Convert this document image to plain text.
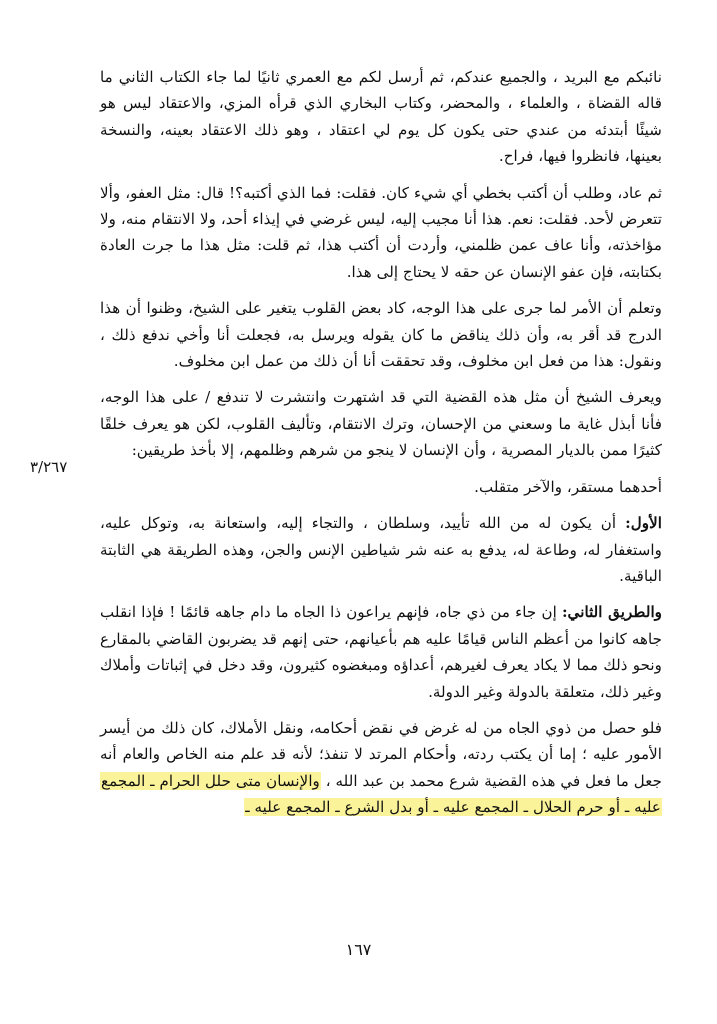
نائبكم مع البريد ، والجميع عندكم، ثم أرسل لكم مع العمري ثانيًا لما جاء الكتاب الثاني ما قاله القضاة ، والعلماء ، والمحضر، وكتاب البخاري الذي قرأه المزي، والاعتقاد ليس هو شيئًا أبتدئه من عندي حتى يكون كل يوم لي اعتقاد ، وهو ذلك الاعتقاد بعينه، والنسخة بعينها، فانظروا فيها، فراح.

ثم عاد، وطلب أن أكتب بخطي أي شيء كان. فقلت: فما الذي أكتبه؟! قال: مثل العفو، وألا تتعرض لأحد. فقلت: نعم. هذا أنا مجيب إليه، ليس غرضي في إيذاء أحد، ولا الانتقام منه، ولا مؤاخذته، وأنا عاف عمن ظلمني، وأردت أن أكتب هذا، ثم قلت: مثل هذا ما جرت العادة بكتابته، فإن عفو الإنسان عن حقه لا يحتاج إلى هذا.

وتعلم أن الأمر لما جرى على هذا الوجه، كاد بعض القلوب يتغير على الشيخ، وظنوا أن هذا الدرج قد أقر به، وأن ذلك يناقض ما كان يقوله ويرسل به، فجعلت أنا وأخي ندفع ذلك ، ونقول: هذا من فعل ابن مخلوف، وقد تحققت أنا أن ذلك من عمل ابن مخلوف.

ويعرف الشيخ أن مثل هذه القضية التي قد اشتهرت وانتشرت لا تندفع / على هذا الوجه، فأنا أبذل غاية ما وسعني من الإحسان، وترك الانتقام، وتأليف القلوب، لكن هو يعرف خلقًا كثيرًا ممن بالديار المصرية ، وأن الإنسان لا ينجو من شرهم وظلمهم، إلا بأخذ طريقين:

أحدهما مستقر، والآخر متقلب.

الأول: أن يكون له من الله تأييد، وسلطان ، والتجاء إليه، واستعانة به، وتوكل عليه، واستغفار له، وطاعة له، يدفع به عنه شر شياطين الإنس والجن، وهذه الطريقة هي الثابتة الباقية.

والطريق الثاني: إن جاء من ذي جاه، فإنهم يراعون ذا الجاه ما دام جاهه قائمًا ! فإذا انقلب جاهه كانوا من أعظم الناس قيامًا عليه هم بأعيانهم، حتى إنهم قد يضربون القاضي بالمقارع ونحو ذلك مما لا يكاد يعرف لغيرهم، أعداؤه ومبغضوه كثيرون، وقد دخل في إثباتات وأملاك وغير ذلك، متعلقة بالدولة وغير الدولة.

فلو حصل من ذوي الجاه من له غرض في نقض أحكامه، ونقل الأملاك، كان ذلك من أيسر الأمور عليه ؛ إما أن يكتب ردته، وأحكام المرتد لا تنفذ؛ لأنه قد علم منه الخاص والعام أنه جعل ما فعل في هذه القضية شرع محمد بن عبد الله ، والإنسان متى حلل الحرام ـ المجمع عليه ـ أو حرم الحلال ـ المجمع عليه ـ أو بدل الشرع ـ المجمع عليه ـ

٣/٢٦٧
١٦٧
